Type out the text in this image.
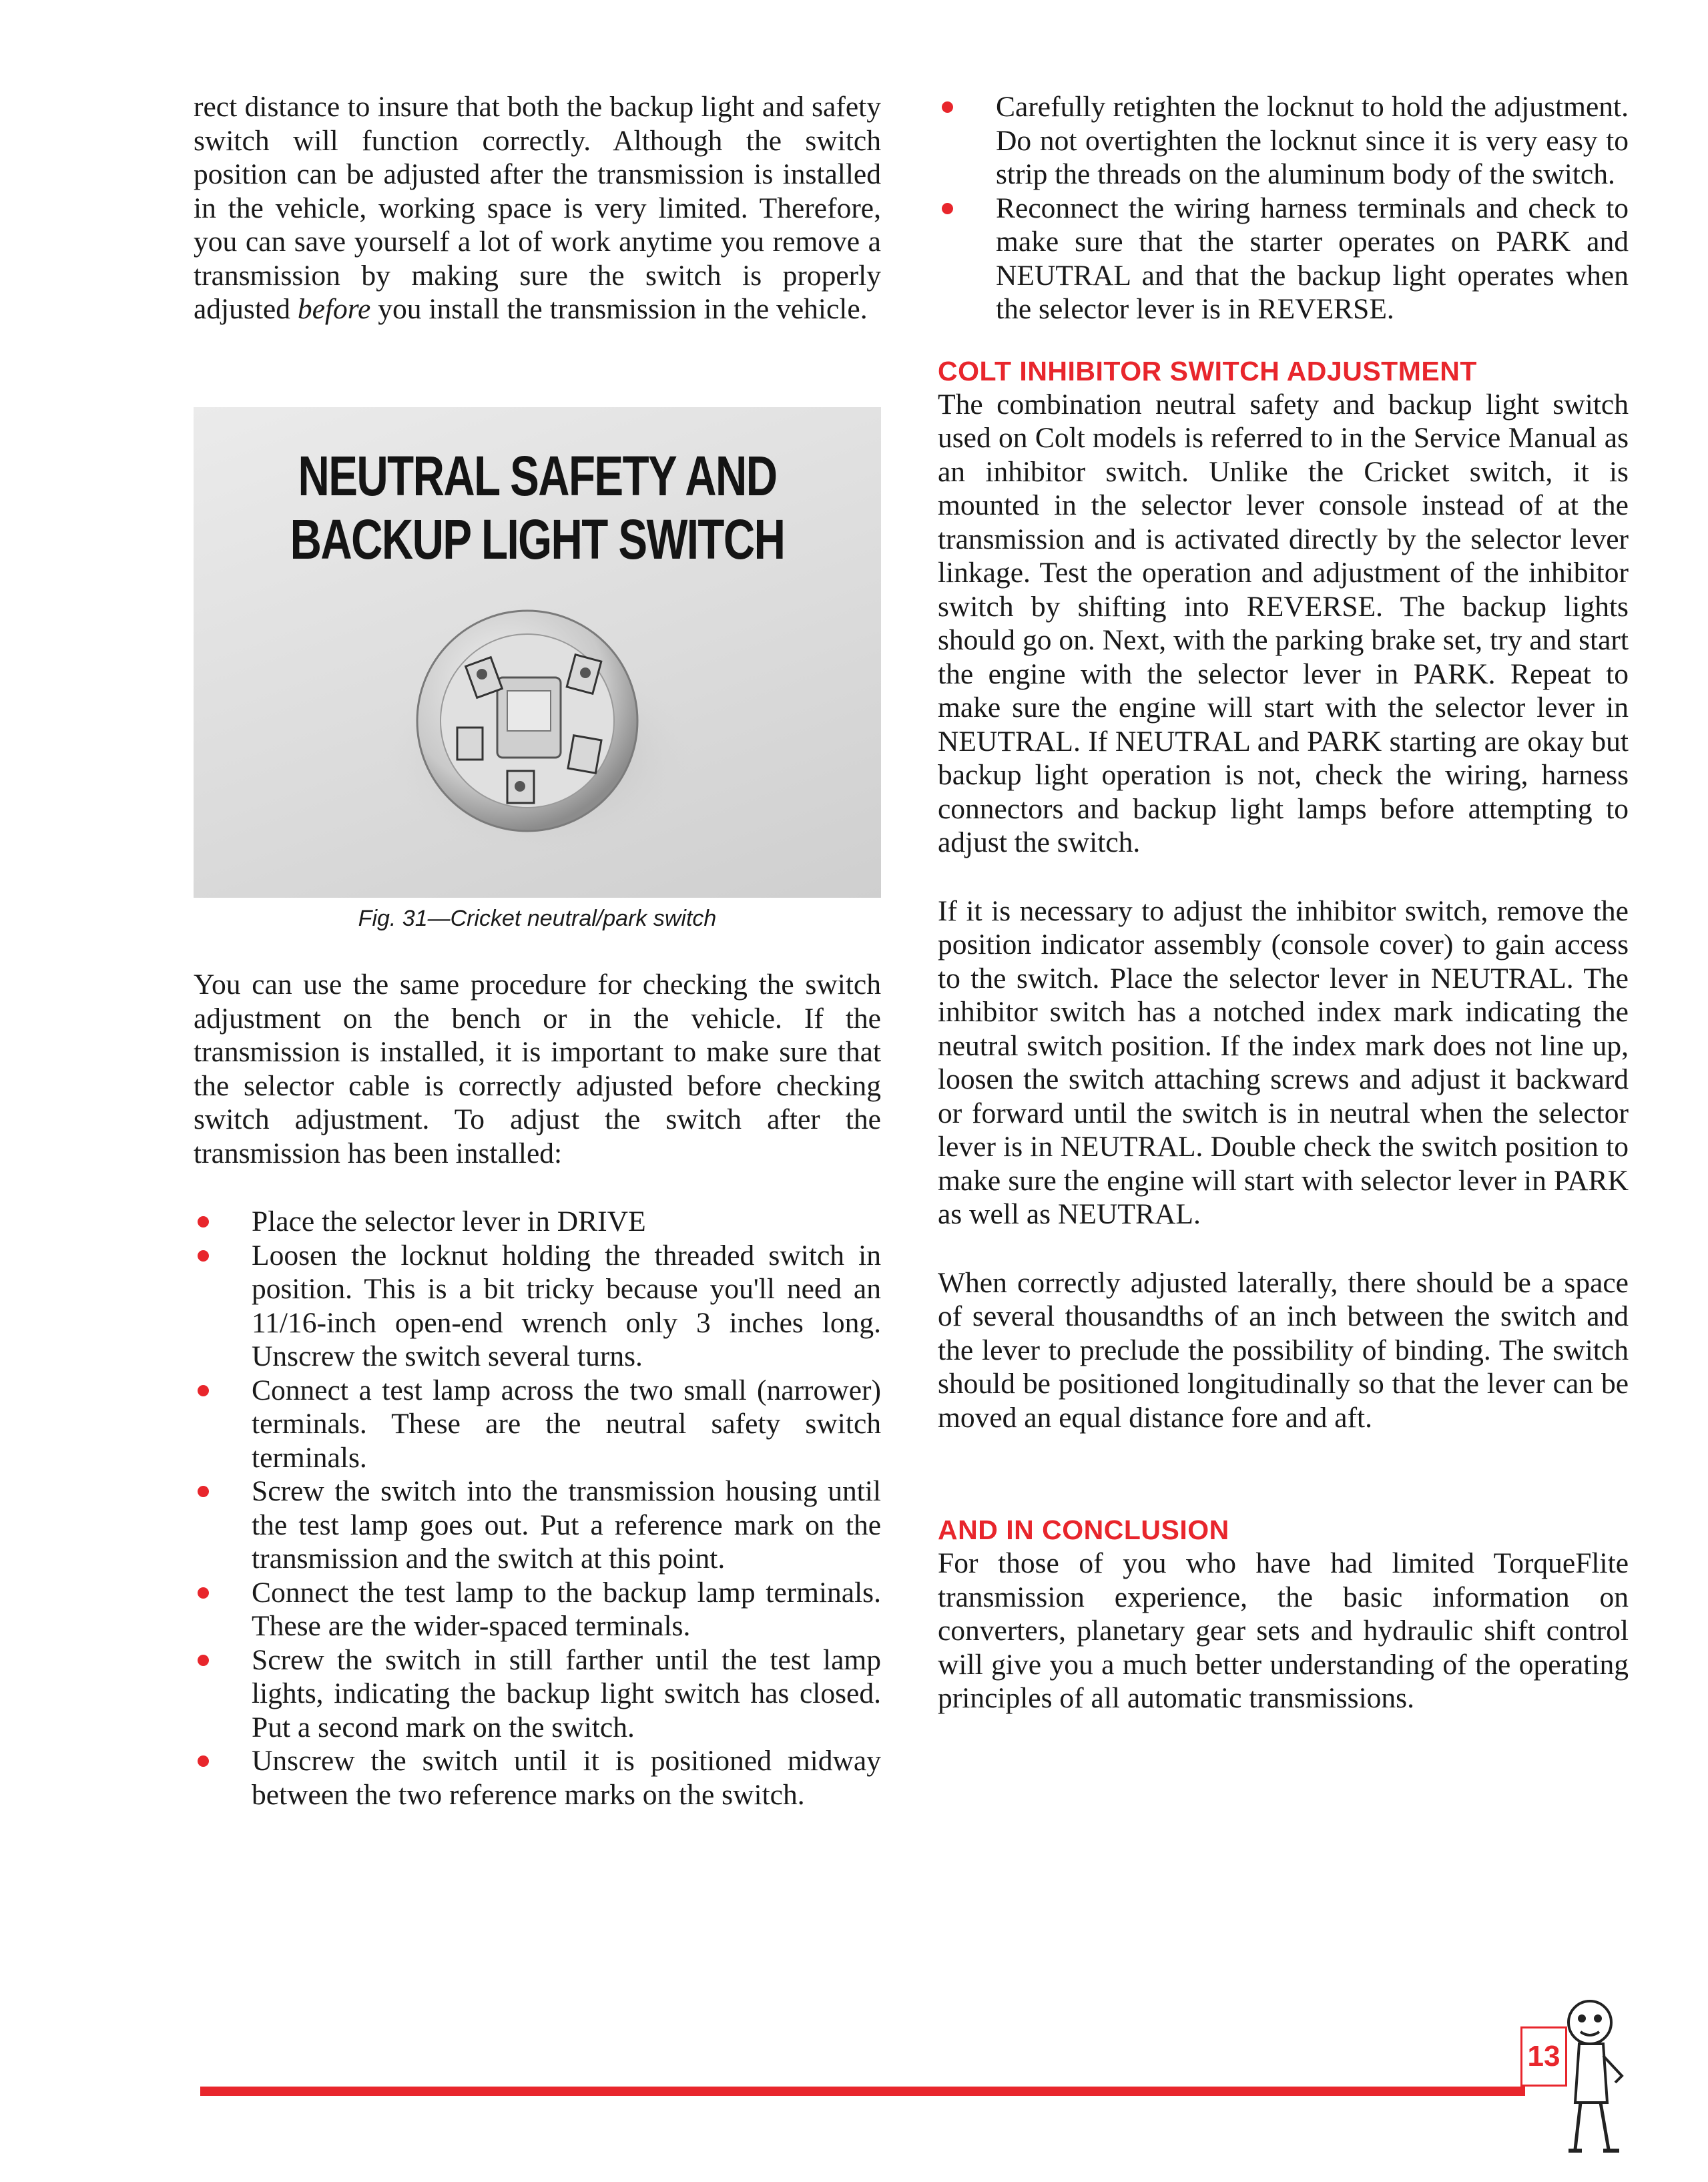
rect distance to insure that both the backup light and safety switch will function correctly. Although the switch position can be adjusted after the transmission is installed in the vehicle, working space is very limited. Therefore, you can save yourself a lot of work anytime you remove a transmission by making sure the switch is properly adjusted before you install the transmission in the vehicle.

NEUTRAL SAFETY AND
BACKUP LIGHT SWITCH
Fig. 31—Cricket neutral/park switch

You can use the same procedure for checking the switch adjustment on the bench or in the vehicle. If the transmission is installed, it is important to make sure that the selector cable is correctly adjusted before checking switch adjustment. To adjust the switch after the transmission has been installed:

Place the selector lever in DRIVE
Loosen the locknut holding the threaded switch in position. This is a bit tricky because you'll need an 11/16-inch open-end wrench only 3 inches long. Unscrew the switch several turns.
Connect a test lamp across the two small (narrower) terminals. These are the neutral safety switch terminals.
Screw the switch into the transmission housing until the test lamp goes out. Put a reference mark on the transmission and the switch at this point.
Connect the test lamp to the backup lamp terminals. These are the wider-spaced terminals.
Screw the switch in still farther until the test lamp lights, indicating the backup light switch has closed. Put a second mark on the switch.
Unscrew the switch until it is positioned midway between the two reference marks on the switch.
Carefully retighten the locknut to hold the adjustment. Do not overtighten the locknut since it is very easy to strip the threads on the aluminum body of the switch.
Reconnect the wiring harness terminals and check to make sure that the starter operates on PARK and NEUTRAL and that the backup light operates when the selector lever is in REVERSE.
COLT INHIBITOR SWITCH ADJUSTMENT

The combination neutral safety and backup light switch used on Colt models is referred to in the Service Manual as an inhibitor switch. Unlike the Cricket switch, it is mounted in the selector lever console instead of at the transmission and is activated directly by the selector lever linkage. Test the operation and adjustment of the inhibitor switch by shifting into REVERSE. The backup lights should go on. Next, with the parking brake set, try and start the engine with the selector lever in PARK. Repeat to make sure the engine will start with the selector lever in NEUTRAL. If NEUTRAL and PARK starting are okay but backup light operation is not, check the wiring, harness connectors and backup light lamps before attempting to adjust the switch.

If it is necessary to adjust the inhibitor switch, remove the position indicator assembly (console cover) to gain access to the switch. Place the selector lever in NEUTRAL. The inhibitor switch has a notched index mark indicating the neutral switch position. If the index mark does not line up, loosen the switch attaching screws and adjust it backward or forward until the switch is in neutral when the selector lever is in NEUTRAL. Double check the switch position to make sure the engine will start with selector lever in PARK as well as NEUTRAL.

When correctly adjusted laterally, there should be a space of several thousandths of an inch between the switch and the lever to preclude the possibility of binding. The switch should be positioned longitudinally so that the lever can be moved an equal distance fore and aft.

AND IN CONCLUSION

For those of you who have had limited TorqueFlite transmission experience, the basic information on converters, planetary gear sets and hydraulic shift control will give you a much better understanding of the operating principles of all automatic transmissions.

13
